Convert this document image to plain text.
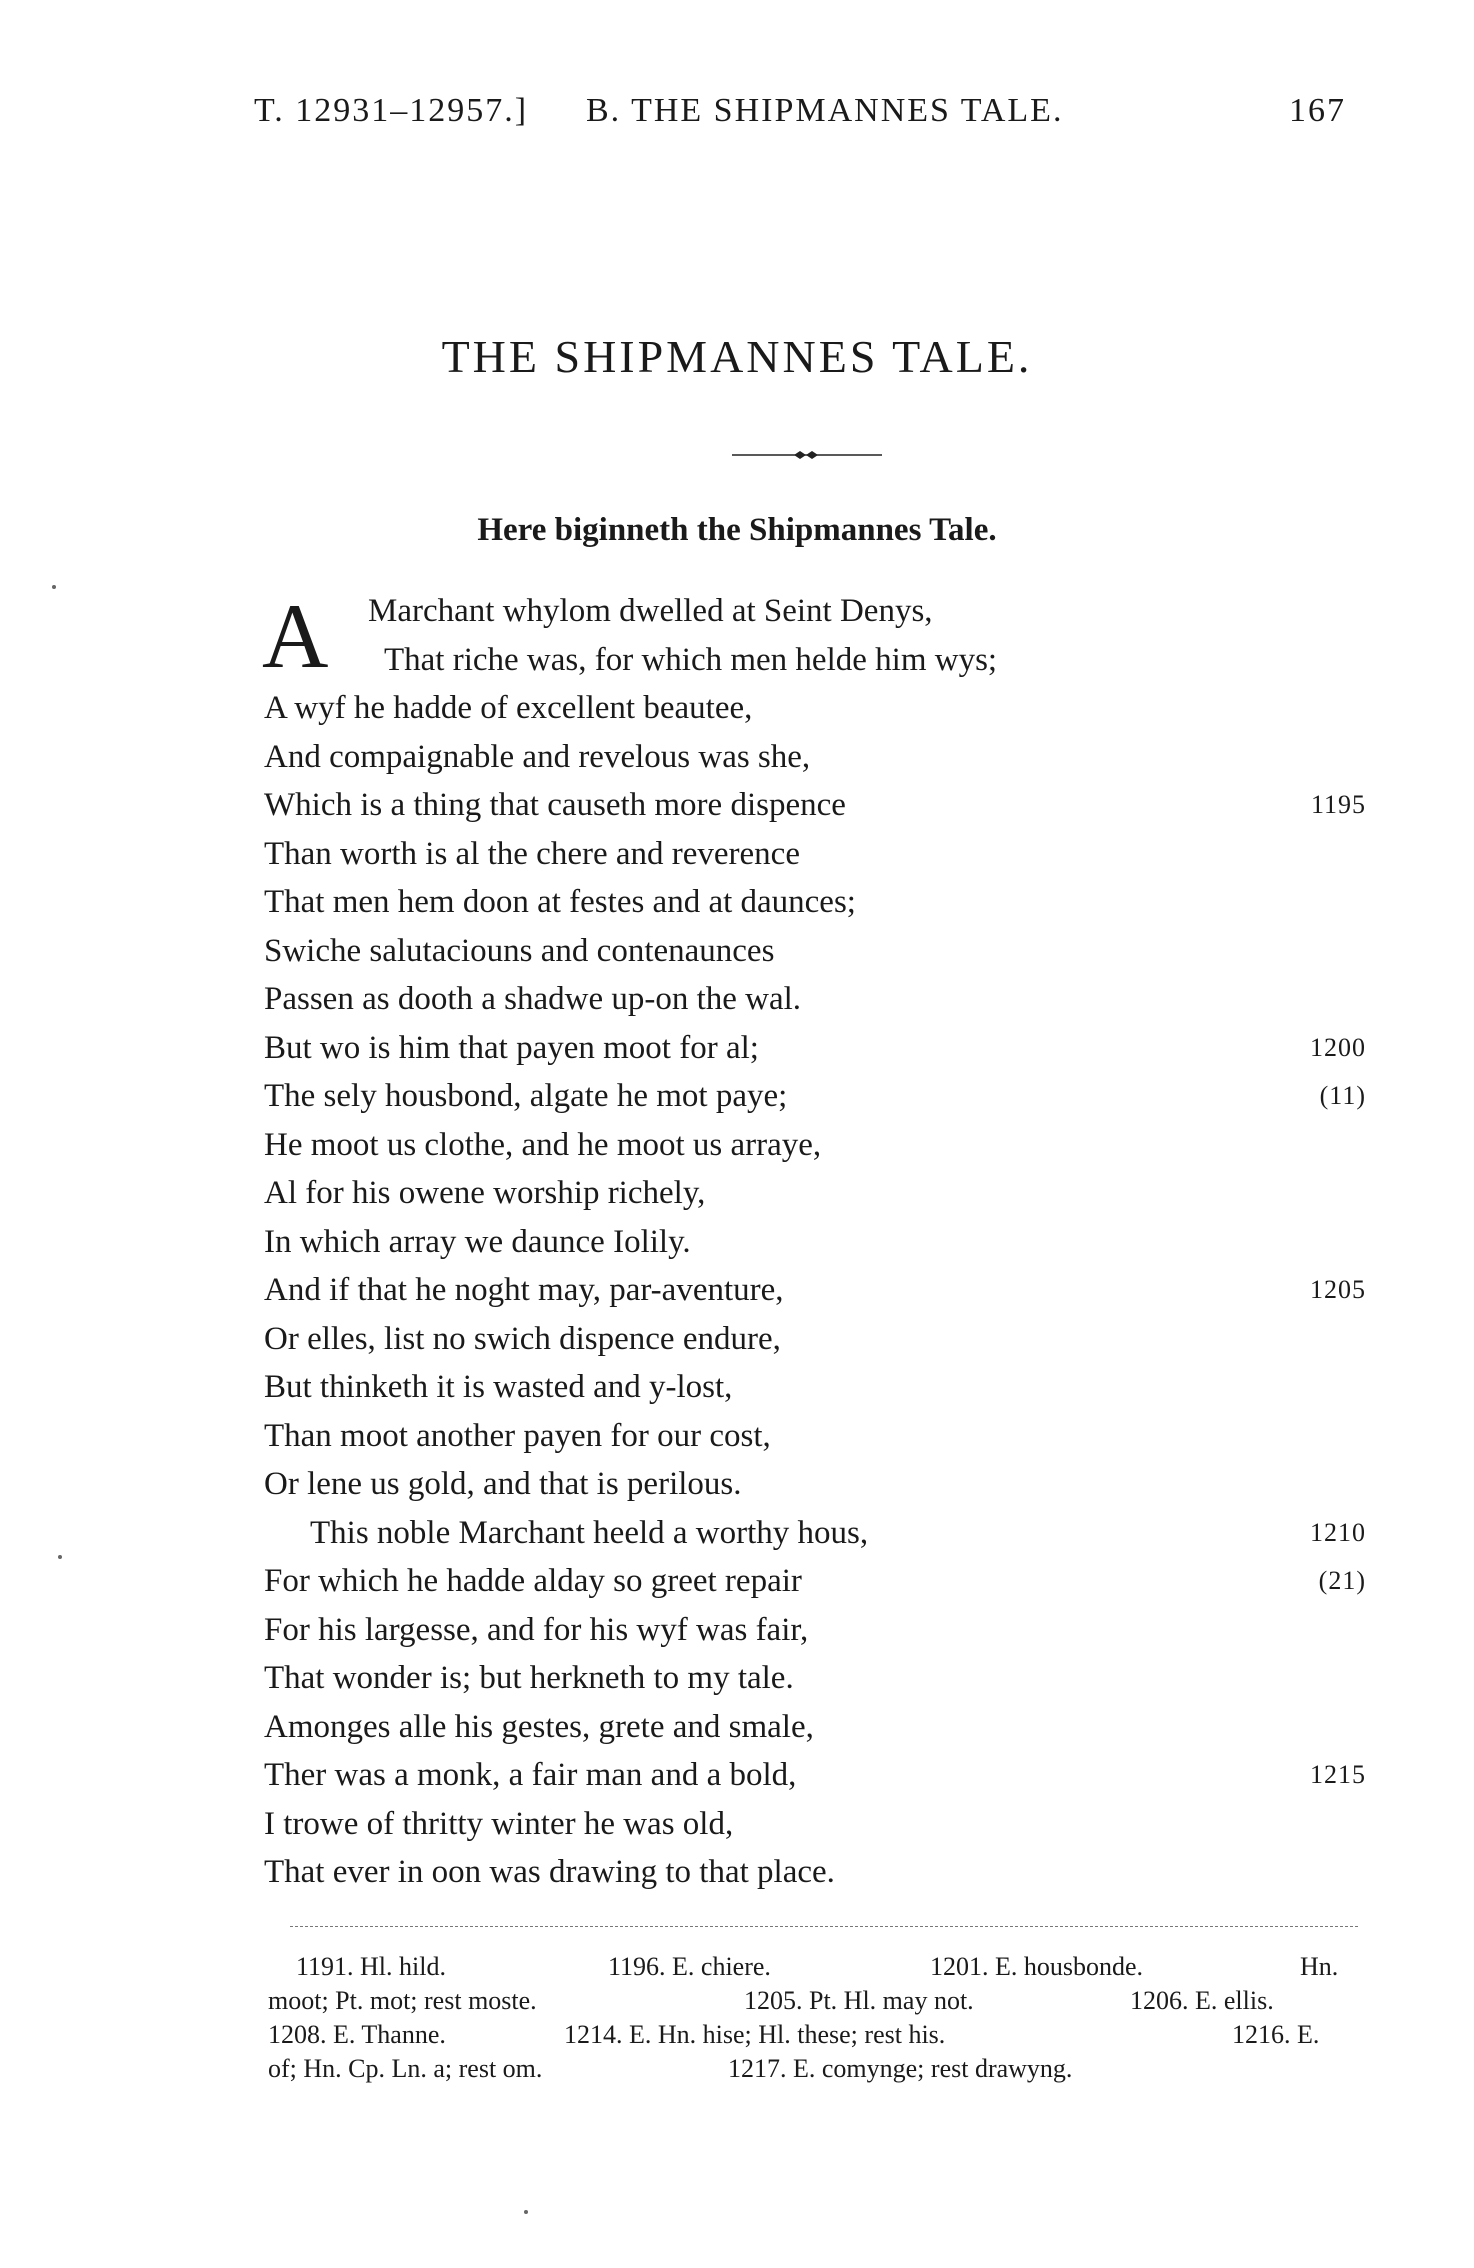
T. 12931–12957.] B. THE SHIPMANNES TALE.	167
THE SHIPMANNES TALE.
Here biginneth the Shipmannes Tale.
A Marchant whylom dwelled at Seint Denys,
That riche was, for which men helde him wys;
A wyf he hadde of excellent beautee,
And compaignable and revelous was she,
Which is a thing that causeth more dispence	1195
Than worth is al the chere and reverence
That men hem doon at festes and at daunces;
Swiche salutaciouns and contenaunces
Passen as dooth a shadwe up-on the wal.
But wo is him that payen moot for al;	1200
The sely housbond, algate he mot paye;	(11)
He moot us clothe, and he moot us arraye,
Al for his owene worship richely,
In which array we daunce Iolily.
And if that he noght may, par-aventure,	1205
Or elles, list no swich dispence endure,
But thinketh it is wasted and y-lost,
Than moot another payen for our cost,
Or lene us gold, and that is perilous.
This noble Marchant heeld a worthy hous,	1210
For which he hadde alday so greet repair	(21)
For his largesse, and for his wyf was fair,
That wonder is; but herkneth to my tale.
Amonges alle his gestes, grete and smale,
Ther was a monk, a fair man and a bold,	1215
I trowe of thritty winter he was old,
That ever in oon was drawing to that place.
1191. Hl. hild.	1196. E. chiere.	1201. E. housbonde.	Hn.
moot; Pt. mot; rest moste.	1205. Pt. Hl. may not.	1206. E. ellis.
1208. E. Thanne.	1214. E. Hn. hise; Hl. these; rest his.	1216. E.
of; Hn. Cp. Ln. a; rest om.	1217. E. comynge; rest drawyng.
